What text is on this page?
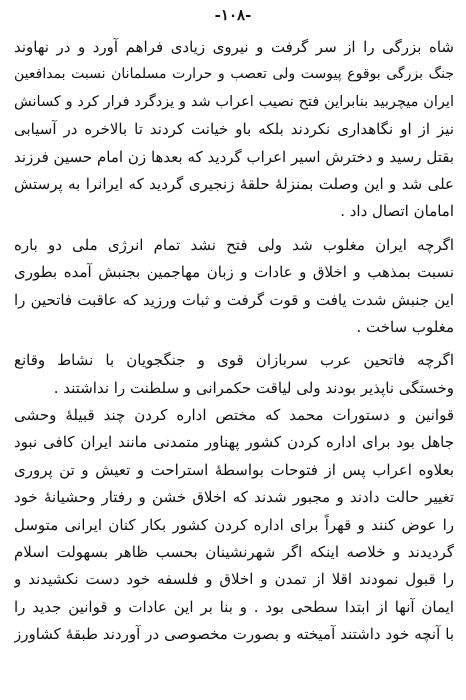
-۱۰۸-
شاه بزرگی را از سر گرفت و نیروی زیادی فراهم آورد و در نهاوند
جنگ بزرگی بوقوع پیوست ولی تعصب و حرارت مسلمانان نسبت بمدافعین
ایران میچربید بنابراین فتح نصیب اعراب شد و یزدگرد فرار کرد و کسانش
نیز از او نگاهداری نکردند بلکه باو خیانت کردند تا بالاخره در آسیابی
بقتل رسید و دخترش اسیر اعراب گردید که بعدها زن امام حسین فرزند
علی شد و این وصلت بمنزلهٔ حلقهٔ زنجیری گردید که ایرانرا به پرستش
امامان اتصال داد .
اگرچه ایران مغلوب شد ولی فتح نشد تمام انرژی ملی دو باره
نسبت بمذهب و اخلاق و عادات و زبان مهاجمین بجنبش آمده بطوری
این جنبش شدت یافت و قوت گرفت و ثبات ورزید که عاقبت فاتحین را
مغلوب ساخت .
اگرچه فاتحین عرب سربازان قوی و جنگجویان با نشاط وقانع
وخستگی ناپذیر بودند ولی لیاقت حکمرانی و سلطنت را نداشتند .
قوانین و دستورات محمد که مختص اداره کردن چند قبیلهٔ وحشی
جاهل بود برای اداره کردن کشور پهناور متمدنی مانند ایران کافی نبود
بعلاوه اعراب پس از فتوحات بواسطهٔ استراحت و تعیش و تن پروری
تغییر حالت دادند و مجبور شدند که اخلاق خشن و رفتار وحشیانهٔ خود
را عوض کنند و قهراً برای اداره کردن کشور بکار کنان ایرانی متوسل
گردیدند و خلاصه اینکه اگر شهرنشینان بحسب ظاهر بسهولت اسلام
را قبول نمودند اقلا از تمدن و اخلاق و فلسفه خود دست نکشیدند و
ایمان آنها از ابتدا سطحی بود . و بنا بر این عادات و قوانین جدید را
با آنچه خود داشتند آمیخته و بصورت مخصوصی در آوردند طبقهٔ کشاورز
